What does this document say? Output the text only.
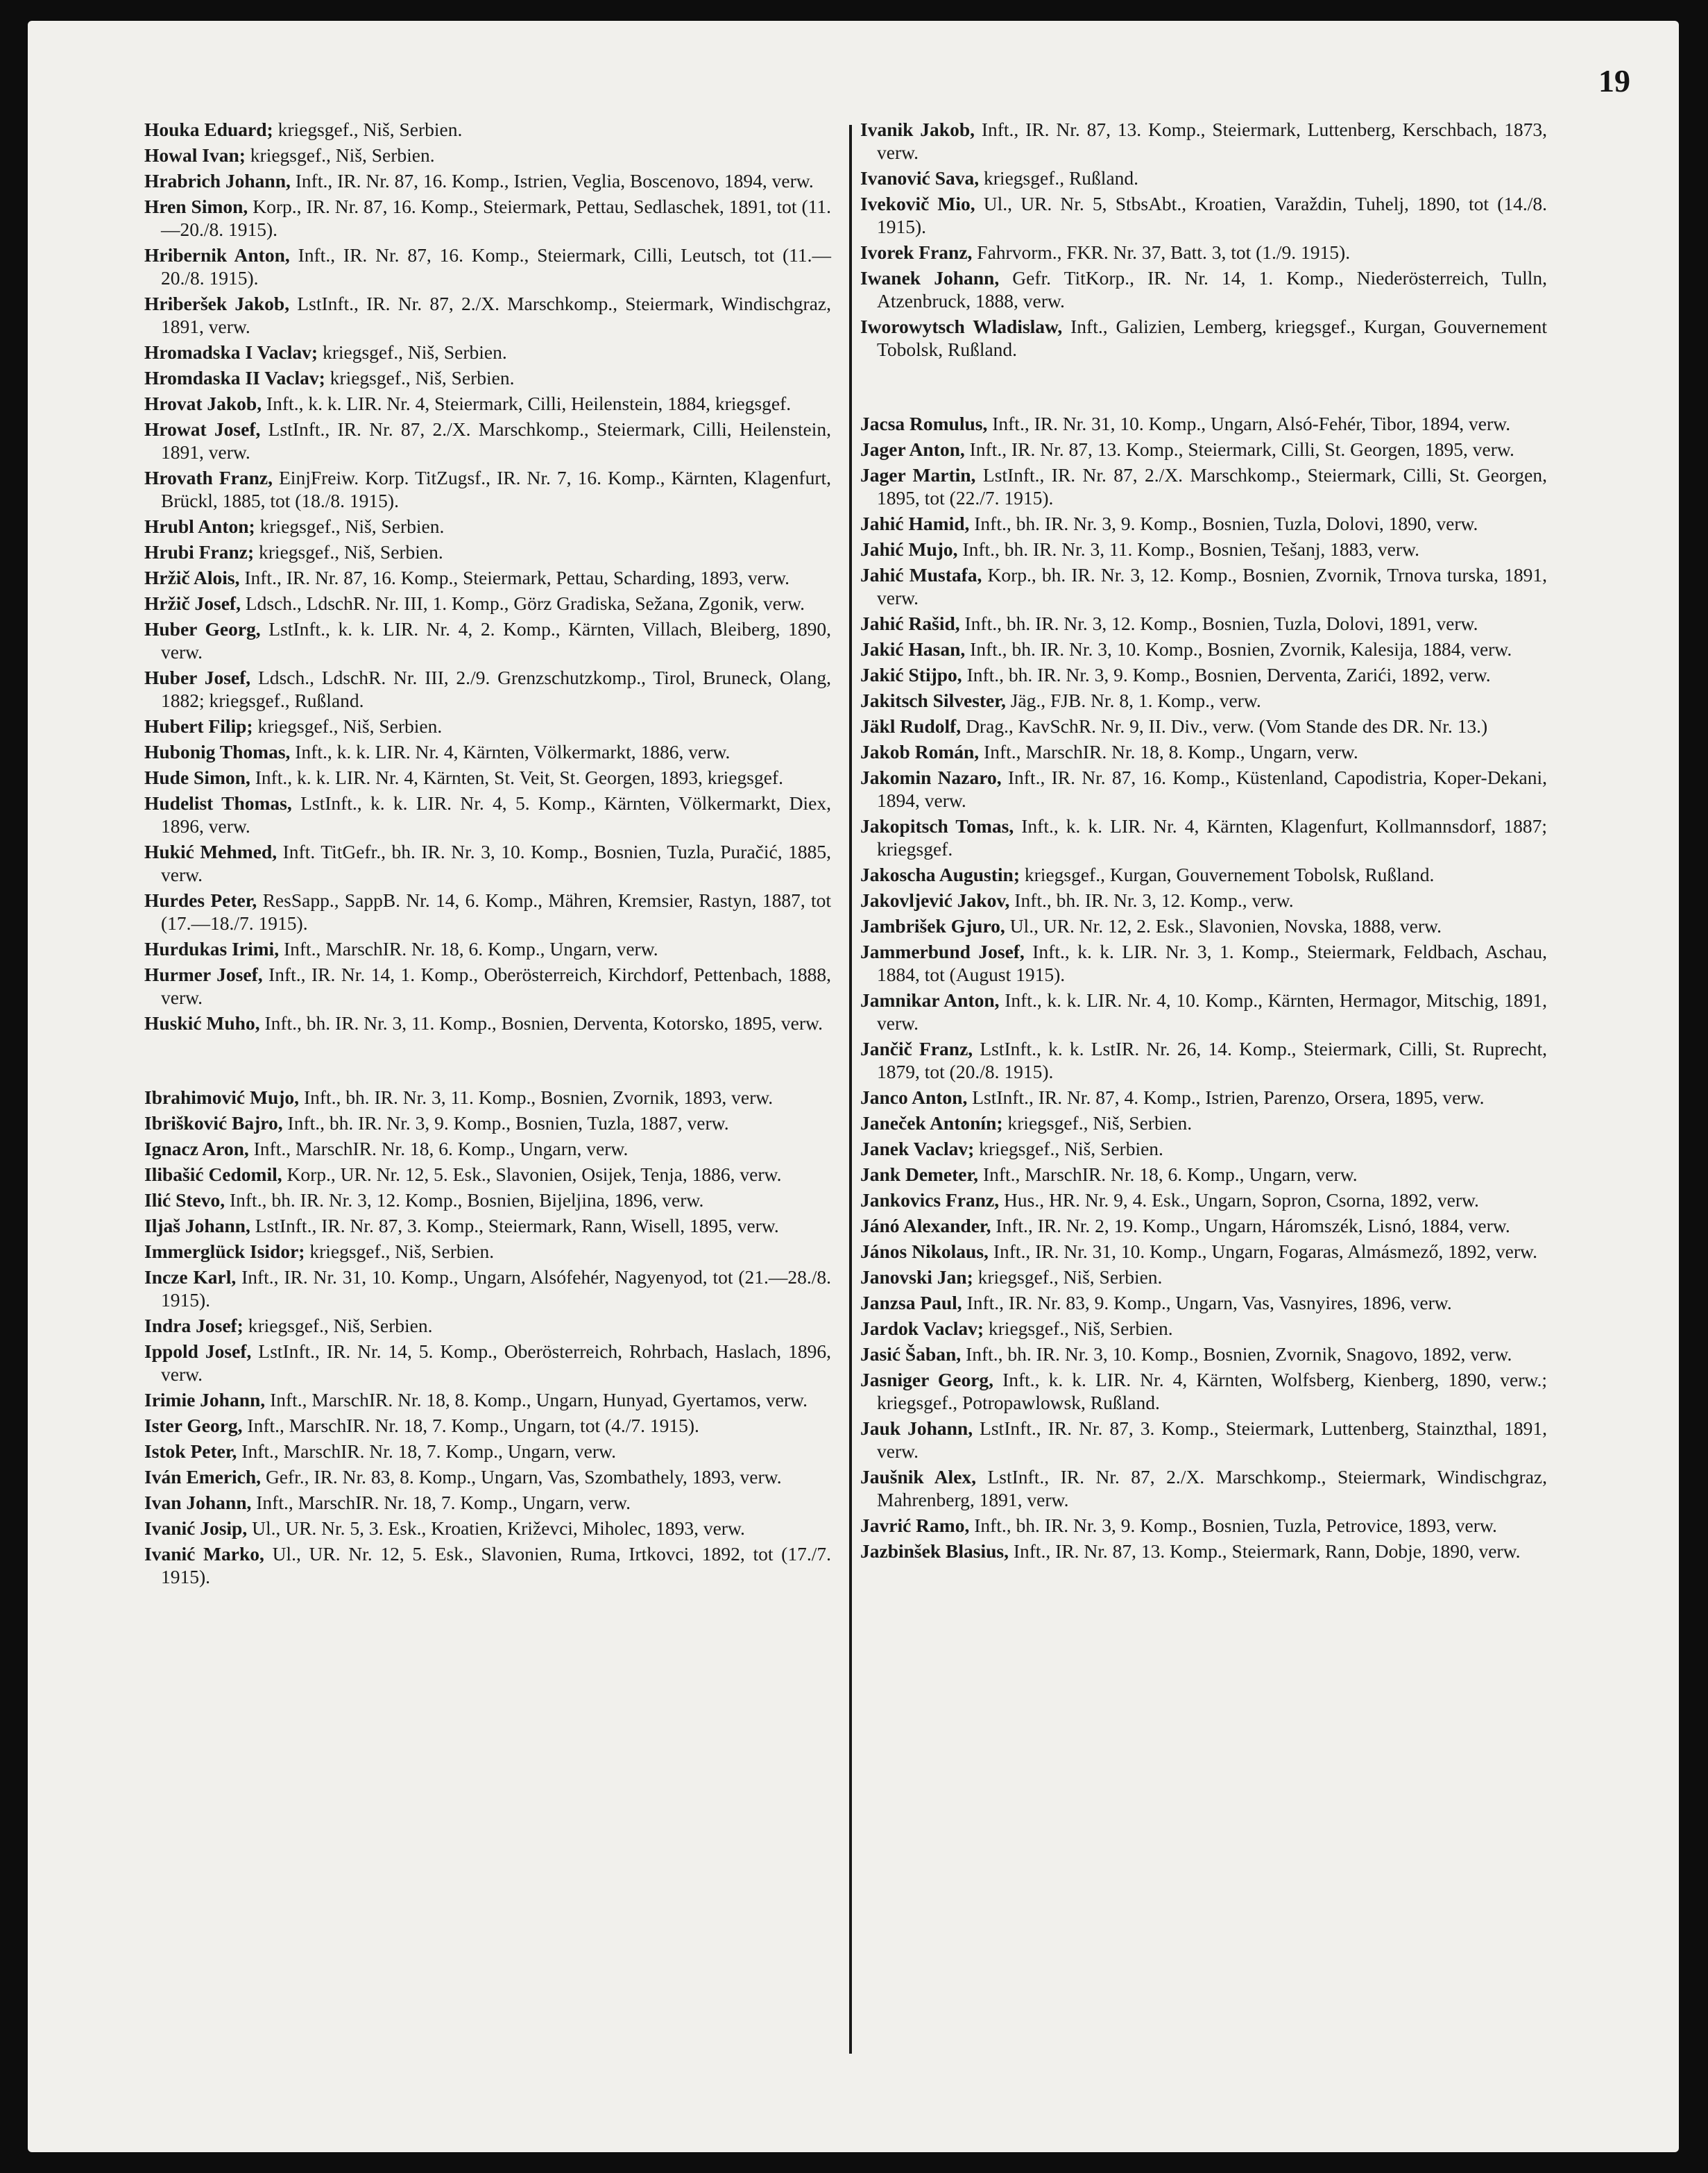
19

Houka Eduard; kriegsgef., Niš, Serbien.

Howal Ivan; kriegsgef., Niš, Serbien.

Hrabrich Johann, Inft., IR. Nr. 87, 16. Komp., Istrien, Veglia, Boscenovo, 1894, verw.

Hren Simon, Korp., IR. Nr. 87, 16. Komp., Steiermark, Pettau, Sedlaschek, 1891, tot (11.—20./8. 1915).

Hribernik Anton, Inft., IR. Nr. 87, 16. Komp., Steiermark, Cilli, Leutsch, tot (11.—20./8. 1915).

Hriberšek Jakob, LstInft., IR. Nr. 87, 2./X. Marschkomp., Steiermark, Windischgraz, 1891, verw.

Hromadska I Vaclav; kriegsgef., Niš, Serbien.

Hromdaska II Vaclav; kriegsgef., Niš, Serbien.

Hrovat Jakob, Inft., k. k. LIR. Nr. 4, Steiermark, Cilli, Heilenstein, 1884, kriegsgef.

Hrowat Josef, LstInft., IR. Nr. 87, 2./X. Marschkomp., Steiermark, Cilli, Heilenstein, 1891, verw.

Hrovath Franz, EinjFreiw. Korp. TitZugsf., IR. Nr. 7, 16. Komp., Kärnten, Klagenfurt, Brückl, 1885, tot (18./8. 1915).

Hrubl Anton; kriegsgef., Niš, Serbien.

Hrubi Franz; kriegsgef., Niš, Serbien.

Hržič Alois, Inft., IR. Nr. 87, 16. Komp., Steiermark, Pettau, Scharding, 1893, verw.

Hržič Josef, Ldsch., LdschR. Nr. III, 1. Komp., Görz Gradiska, Sežana, Zgonik, verw.

Huber Georg, LstInft., k. k. LIR. Nr. 4, 2. Komp., Kärnten, Villach, Bleiberg, 1890, verw.

Huber Josef, Ldsch., LdschR. Nr. III, 2./9. Grenzschutzkomp., Tirol, Bruneck, Olang, 1882; kriegsgef., Rußland.

Hubert Filip; kriegsgef., Niš, Serbien.

Hubonig Thomas, Inft., k. k. LIR. Nr. 4, Kärnten, Völkermarkt, 1886, verw.

Hude Simon, Inft., k. k. LIR. Nr. 4, Kärnten, St. Veit, St. Georgen, 1893, kriegsgef.

Hudelist Thomas, LstInft., k. k. LIR. Nr. 4, 5. Komp., Kärnten, Völkermarkt, Diex, 1896, verw.

Hukić Mehmed, Inft. TitGefr., bh. IR. Nr. 3, 10. Komp., Bosnien, Tuzla, Puračić, 1885, verw.

Hurdes Peter, ResSapp., SappB. Nr. 14, 6. Komp., Mähren, Kremsier, Rastyn, 1887, tot (17.—18./7. 1915).

Hurdukas Irimi, Inft., MarschIR. Nr. 18, 6. Komp., Ungarn, verw.

Hurmer Josef, Inft., IR. Nr. 14, 1. Komp., Oberösterreich, Kirchdorf, Pettenbach, 1888, verw.

Huskić Muho, Inft., bh. IR. Nr. 3, 11. Komp., Bosnien, Derventa, Kotorsko, 1895, verw.

Ibrahimović Mujo, Inft., bh. IR. Nr. 3, 11. Komp., Bosnien, Zvornik, 1893, verw.

Ibrišković Bajro, Inft., bh. IR. Nr. 3, 9. Komp., Bosnien, Tuzla, 1887, verw.

Ignacz Aron, Inft., MarschIR. Nr. 18, 6. Komp., Ungarn, verw.

Ilibašić Cedomil, Korp., UR. Nr. 12, 5. Esk., Slavonien, Osijek, Tenja, 1886, verw.

Ilić Stevo, Inft., bh. IR. Nr. 3, 12. Komp., Bosnien, Bijeljina, 1896, verw.

Iljaš Johann, LstInft., IR. Nr. 87, 3. Komp., Steiermark, Rann, Wisell, 1895, verw.

Immerglück Isidor; kriegsgef., Niš, Serbien.

Incze Karl, Inft., IR. Nr. 31, 10. Komp., Ungarn, Alsófehér, Nagyenyod, tot (21.—28./8. 1915).

Indra Josef; kriegsgef., Niš, Serbien.

Ippold Josef, LstInft., IR. Nr. 14, 5. Komp., Oberösterreich, Rohrbach, Haslach, 1896, verw.

Irimie Johann, Inft., MarschIR. Nr. 18, 8. Komp., Ungarn, Hunyad, Gyertamos, verw.

Ister Georg, Inft., MarschIR. Nr. 18, 7. Komp., Ungarn, tot (4./7. 1915).

Istok Peter, Inft., MarschIR. Nr. 18, 7. Komp., Ungarn, verw.

Iván Emerich, Gefr., IR. Nr. 83, 8. Komp., Ungarn, Vas, Szombathely, 1893, verw.

Ivan Johann, Inft., MarschIR. Nr. 18, 7. Komp., Ungarn, verw.

Ivanić Josip, Ul., UR. Nr. 5, 3. Esk., Kroatien, Križevci, Miholec, 1893, verw.

Ivanić Marko, Ul., UR. Nr. 12, 5. Esk., Slavonien, Ruma, Irtkovci, 1892, tot (17./7. 1915).

Ivanik Jakob, Inft., IR. Nr. 87, 13. Komp., Steiermark, Luttenberg, Kerschbach, 1873, verw.

Ivanović Sava, kriegsgef., Rußland.

Ivekovič Mio, Ul., UR. Nr. 5, StbsAbt., Kroatien, Varaždin, Tuhelj, 1890, tot (14./8. 1915).

Ivorek Franz, Fahrvorm., FKR. Nr. 37, Batt. 3, tot (1./9. 1915).

Iwanek Johann, Gefr. TitKorp., IR. Nr. 14, 1. Komp., Niederösterreich, Tulln, Atzenbruck, 1888, verw.

Iworowytsch Wladislaw, Inft., Galizien, Lemberg, kriegsgef., Kurgan, Gouvernement Tobolsk, Rußland.

Jacsa Romulus, Inft., IR. Nr. 31, 10. Komp., Ungarn, Alsó-Fehér, Tibor, 1894, verw.

Jager Anton, Inft., IR. Nr. 87, 13. Komp., Steiermark, Cilli, St. Georgen, 1895, verw.

Jager Martin, LstInft., IR. Nr. 87, 2./X. Marschkomp., Steiermark, Cilli, St. Georgen, 1895, tot (22./7. 1915).

Jahić Hamid, Inft., bh. IR. Nr. 3, 9. Komp., Bosnien, Tuzla, Dolovi, 1890, verw.

Jahić Mujo, Inft., bh. IR. Nr. 3, 11. Komp., Bosnien, Tešanj, 1883, verw.

Jahić Mustafa, Korp., bh. IR. Nr. 3, 12. Komp., Bosnien, Zvornik, Trnova turska, 1891, verw.

Jahić Rašid, Inft., bh. IR. Nr. 3, 12. Komp., Bosnien, Tuzla, Dolovi, 1891, verw.

Jakić Hasan, Inft., bh. IR. Nr. 3, 10. Komp., Bosnien, Zvornik, Kalesija, 1884, verw.

Jakić Stijpo, Inft., bh. IR. Nr. 3, 9. Komp., Bosnien, Derventa, Zarići, 1892, verw.

Jakitsch Silvester, Jäg., FJB. Nr. 8, 1. Komp., verw.

Jäkl Rudolf, Drag., KavSchR. Nr. 9, II. Div., verw. (Vom Stande des DR. Nr. 13.)

Jakob Román, Inft., MarschIR. Nr. 18, 8. Komp., Ungarn, verw.

Jakomin Nazaro, Inft., IR. Nr. 87, 16. Komp., Küstenland, Capodistria, Koper-Dekani, 1894, verw.

Jakopitsch Tomas, Inft., k. k. LIR. Nr. 4, Kärnten, Klagenfurt, Kollmannsdorf, 1887; kriegsgef.

Jakoscha Augustin; kriegsgef., Kurgan, Gouvernement Tobolsk, Rußland.

Jakovljević Jakov, Inft., bh. IR. Nr. 3, 12. Komp., verw.

Jambrišek Gjuro, Ul., UR. Nr. 12, 2. Esk., Slavonien, Novska, 1888, verw.

Jammerbund Josef, Inft., k. k. LIR. Nr. 3, 1. Komp., Steiermark, Feldbach, Aschau, 1884, tot (August 1915).

Jamnikar Anton, Inft., k. k. LIR. Nr. 4, 10. Komp., Kärnten, Hermagor, Mitschig, 1891, verw.

Jančič Franz, LstInft., k. k. LstIR. Nr. 26, 14. Komp., Steiermark, Cilli, St. Ruprecht, 1879, tot (20./8. 1915).

Janco Anton, LstInft., IR. Nr. 87, 4. Komp., Istrien, Parenzo, Orsera, 1895, verw.

Janeček Antonín; kriegsgef., Niš, Serbien.

Janek Vaclav; kriegsgef., Niš, Serbien.

Jank Demeter, Inft., MarschIR. Nr. 18, 6. Komp., Ungarn, verw.

Jankovics Franz, Hus., HR. Nr. 9, 4. Esk., Ungarn, Sopron, Csorna, 1892, verw.

Jánó Alexander, Inft., IR. Nr. 2, 19. Komp., Ungarn, Háromszék, Lisnó, 1884, verw.

János Nikolaus, Inft., IR. Nr. 31, 10. Komp., Ungarn, Fogaras, Almásmező, 1892, verw.

Janovski Jan; kriegsgef., Niš, Serbien.

Janzsa Paul, Inft., IR. Nr. 83, 9. Komp., Ungarn, Vas, Vasnyires, 1896, verw.

Jardok Vaclav; kriegsgef., Niš, Serbien.

Jasić Šaban, Inft., bh. IR. Nr. 3, 10. Komp., Bosnien, Zvornik, Snagovo, 1892, verw.

Jasniger Georg, Inft., k. k. LIR. Nr. 4, Kärnten, Wolfsberg, Kienberg, 1890, verw.; kriegsgef., Potropawlowsk, Rußland.

Jauk Johann, LstInft., IR. Nr. 87, 3. Komp., Steiermark, Luttenberg, Stainzthal, 1891, verw.

Jaušnik Alex, LstInft., IR. Nr. 87, 2./X. Marschkomp., Steiermark, Windischgraz, Mahrenberg, 1891, verw.

Javrić Ramo, Inft., bh. IR. Nr. 3, 9. Komp., Bosnien, Tuzla, Petrovice, 1893, verw.

Jazbinšek Blasius, Inft., IR. Nr. 87, 13. Komp., Steiermark, Rann, Dobje, 1890, verw.
